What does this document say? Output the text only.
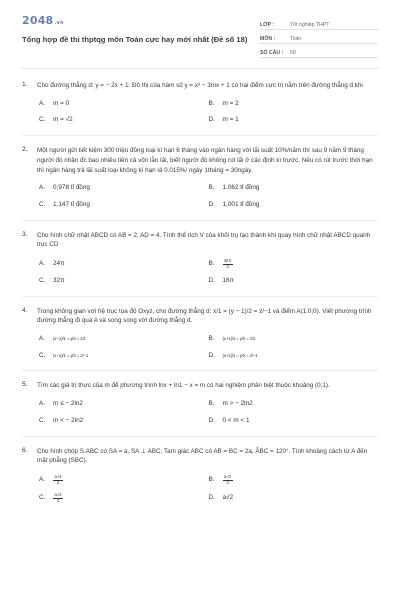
2048.vn
Tổng hợp đề thi thptqg môn Toán cực hay mới nhất (Đề số 18)
LỚP :	Tốt nghiệp THPT
MÔN :	Toán
SỐ CÂU :	50
1. Cho đường thẳng d: y = − 2x + 1. Đồ thị của hàm số y = x³ − 3mx + 1 có hai điểm cực trị nằm trên đường thẳng d khi
A.	m = 0	B.	m = 2
C.	m = √2	D.	m = 1
2. Một người gửi tiết kiệm 300 triệu đồng loại kì hạn 6 tháng vào ngân hàng với lãi suất 10%/năm thì sau 9 năm 9 tháng người đó nhận đc bao nhiêu tiền cả vốn lẫn lãi, biết người đó không rút lãi ở các định kì trước. Nếu có rút trước thời hạn thì ngân hàng trả lãi suất loại không kì hạn là 0.015%/ ngày 1tháng = 30ngày.
A.	0,978 tỉ đồng	B.	1,062 tỉ đồng
C.	1,147 tỉ đồng	D.	1,001 tỉ đồng
3. Cho hình chữ nhật ABCD có AB = 2, AD = 4. Tính thể tích V của khối trụ tạo thành khi quay hình chữ nhật ABCD quanh trục CD
A.	24π	B.	$\frac{32\pi}{3}$
C.	32π	D.	16π
4. Trong không gian với hệ trục tọa độ Oxyz, cho đường thẳng d: x/1 = (y − 1)/2 = z/−1 và điểm A(1;0;0). Viết phương trình đường thẳng đi qua A và song song với đường thẳng d.
A.	(x−1)/1 = y/2 = z/1	B.	(x+1)/1 = y/2 = z/1
C.	(x−1)/1 = y/2 = z/−1	D.	(x+1)/1 = y/2 = z/−1
5. Tìm các giá trị thực của m để phương trình lnx + ln1 − x = m có hai nghiệm phân biệt thuộc khoảng (0;1).
A.	m ≤ − 2ln2	B.	m > − 2ln2
C.	m < − 2ln2	D.	0 < m < 1
6. Cho hình chóp S.ABC có SA = a, SA ⊥ ABC. Tam giác ABC có AB = BC = 2a, ÂBC = 120°. Tính khoảng cách từ A đến mặt phẳng (SBC).
A.	$\frac{a√3}{2}$	B.	$\frac{a√3}{3}$
C.	$\frac{a√3}{4}$	D.	a√2
